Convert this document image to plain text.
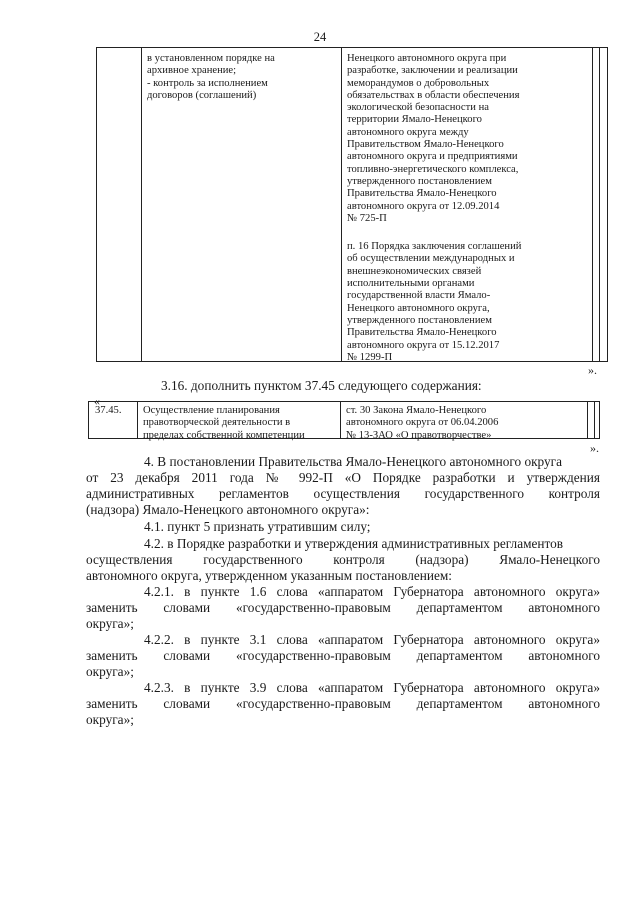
24
в установленном порядке на
архивное хранение;
- контроль за исполнением
договоров (соглашений)
Ненецкого автономного округа при
разработке, заключении и реализации
меморандумов о добровольных
обязательствах в области обеспечения
экологической безопасности на
территории Ямало-Ненецкого
автономного округа между
Правительством Ямало-Ненецкого
автономного округа и предприятиями
топливно-энергетического комплекса,
утвержденного постановлением
Правительства Ямало-Ненецкого
автономного округа от 12.09.2014
№ 725-П
п. 16 Порядка заключения соглашений
об осуществлении международных и
внешнеэкономических связей
исполнительными органами
государственной власти Ямало-
Ненецкого автономного округа,
утвержденного постановлением
Правительства Ямало-Ненецкого
автономного округа от 15.12.2017
№ 1299-П
».
3.16. дополнить пунктом 37.45 следующего содержания:
«
37.45. Осуществление планирования
правотворческой деятельности в
пределах собственной компетенции
ст. 30 Закона Ямало-Ненецкого
автономного округа от 06.04.2006
№ 13-ЗАО «О правотворчестве»
».
4. В постановлении Правительства Ямало-Ненецкого автономного округа
от 23 декабря 2011 года № 992-П «О Порядке разработки и утверждения
административных регламентов осуществления государственного контроля
(надзора) Ямало-Ненецкого автономного округа»:
4.1. пункт 5 признать утратившим силу;
4.2. в Порядке разработки и утверждения административных регламентов
осуществления государственного контроля (надзора) Ямало-Ненецкого
автономного округа, утвержденном указанным постановлением:
4.2.1. в пункте 1.6 слова «аппаратом Губернатора автономного округа»
заменить словами «государственно-правовым департаментом автономного
округа»;
4.2.2. в пункте 3.1 слова «аппаратом Губернатора автономного округа»
заменить словами «государственно-правовым департаментом автономного
округа»;
4.2.3. в пункте 3.9 слова «аппаратом Губернатора автономного округа»
заменить словами «государственно-правовым департаментом автономного
округа»;
